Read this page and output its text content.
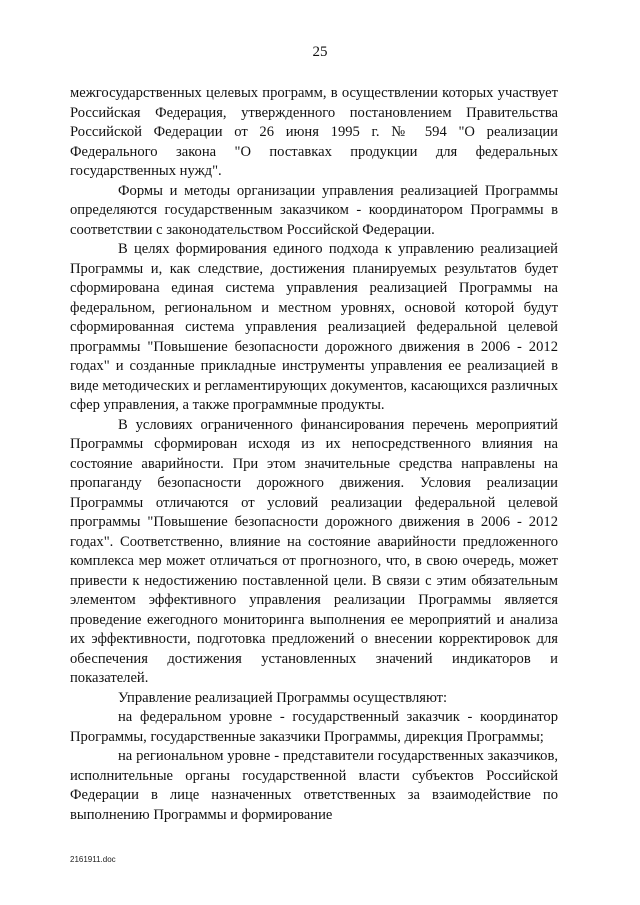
25

межгосударственных целевых программ, в осуществлении которых участвует Российская Федерация, утвержденного постановлением Правительства Российской Федерации от 26 июня 1995 г. № 594 "О реализации Федерального закона "О поставках продукции для федеральных государственных нужд".

Формы и методы организации управления реализацией Программы определяются государственным заказчиком - координатором Программы в соответствии с законодательством Российской Федерации.

В целях формирования единого подхода к управлению реализацией Программы и, как следствие, достижения планируемых результатов будет сформирована единая система управления реализацией Программы на федеральном, региональном и местном уровнях, основой которой будут сформированная система управления реализацией федеральной целевой программы "Повышение безопасности дорожного движения в 2006 - 2012 годах" и созданные прикладные инструменты управления ее реализацией в виде методических и регламентирующих документов, касающихся различных сфер управления, а также программные продукты.

В условиях ограниченного финансирования перечень мероприятий Программы сформирован исходя из их непосредственного влияния на состояние аварийности. При этом значительные средства направлены на пропаганду безопасности дорожного движения. Условия реализации Программы отличаются от условий реализации федеральной целевой программы "Повышение безопасности дорожного движения в 2006 - 2012 годах". Соответственно, влияние на состояние аварийности предложенного комплекса мер может отличаться от прогнозного, что, в свою очередь, может привести к недостижению поставленной цели. В связи с этим обязательным элементом эффективного управления реализации Программы является проведение ежегодного мониторинга выполнения ее мероприятий и анализа их эффективности, подготовка предложений о внесении корректировок для обеспечения достижения установленных значений индикаторов и показателей.

Управление реализацией Программы осуществляют:

на федеральном уровне - государственный заказчик - координатор Программы, государственные заказчики Программы, дирекция Программы;

на региональном уровне - представители государственных заказчиков, исполнительные органы государственной власти субъектов Российской Федерации в лице назначенных ответственных за взаимодействие по выполнению Программы и формирование

2161911.doc
